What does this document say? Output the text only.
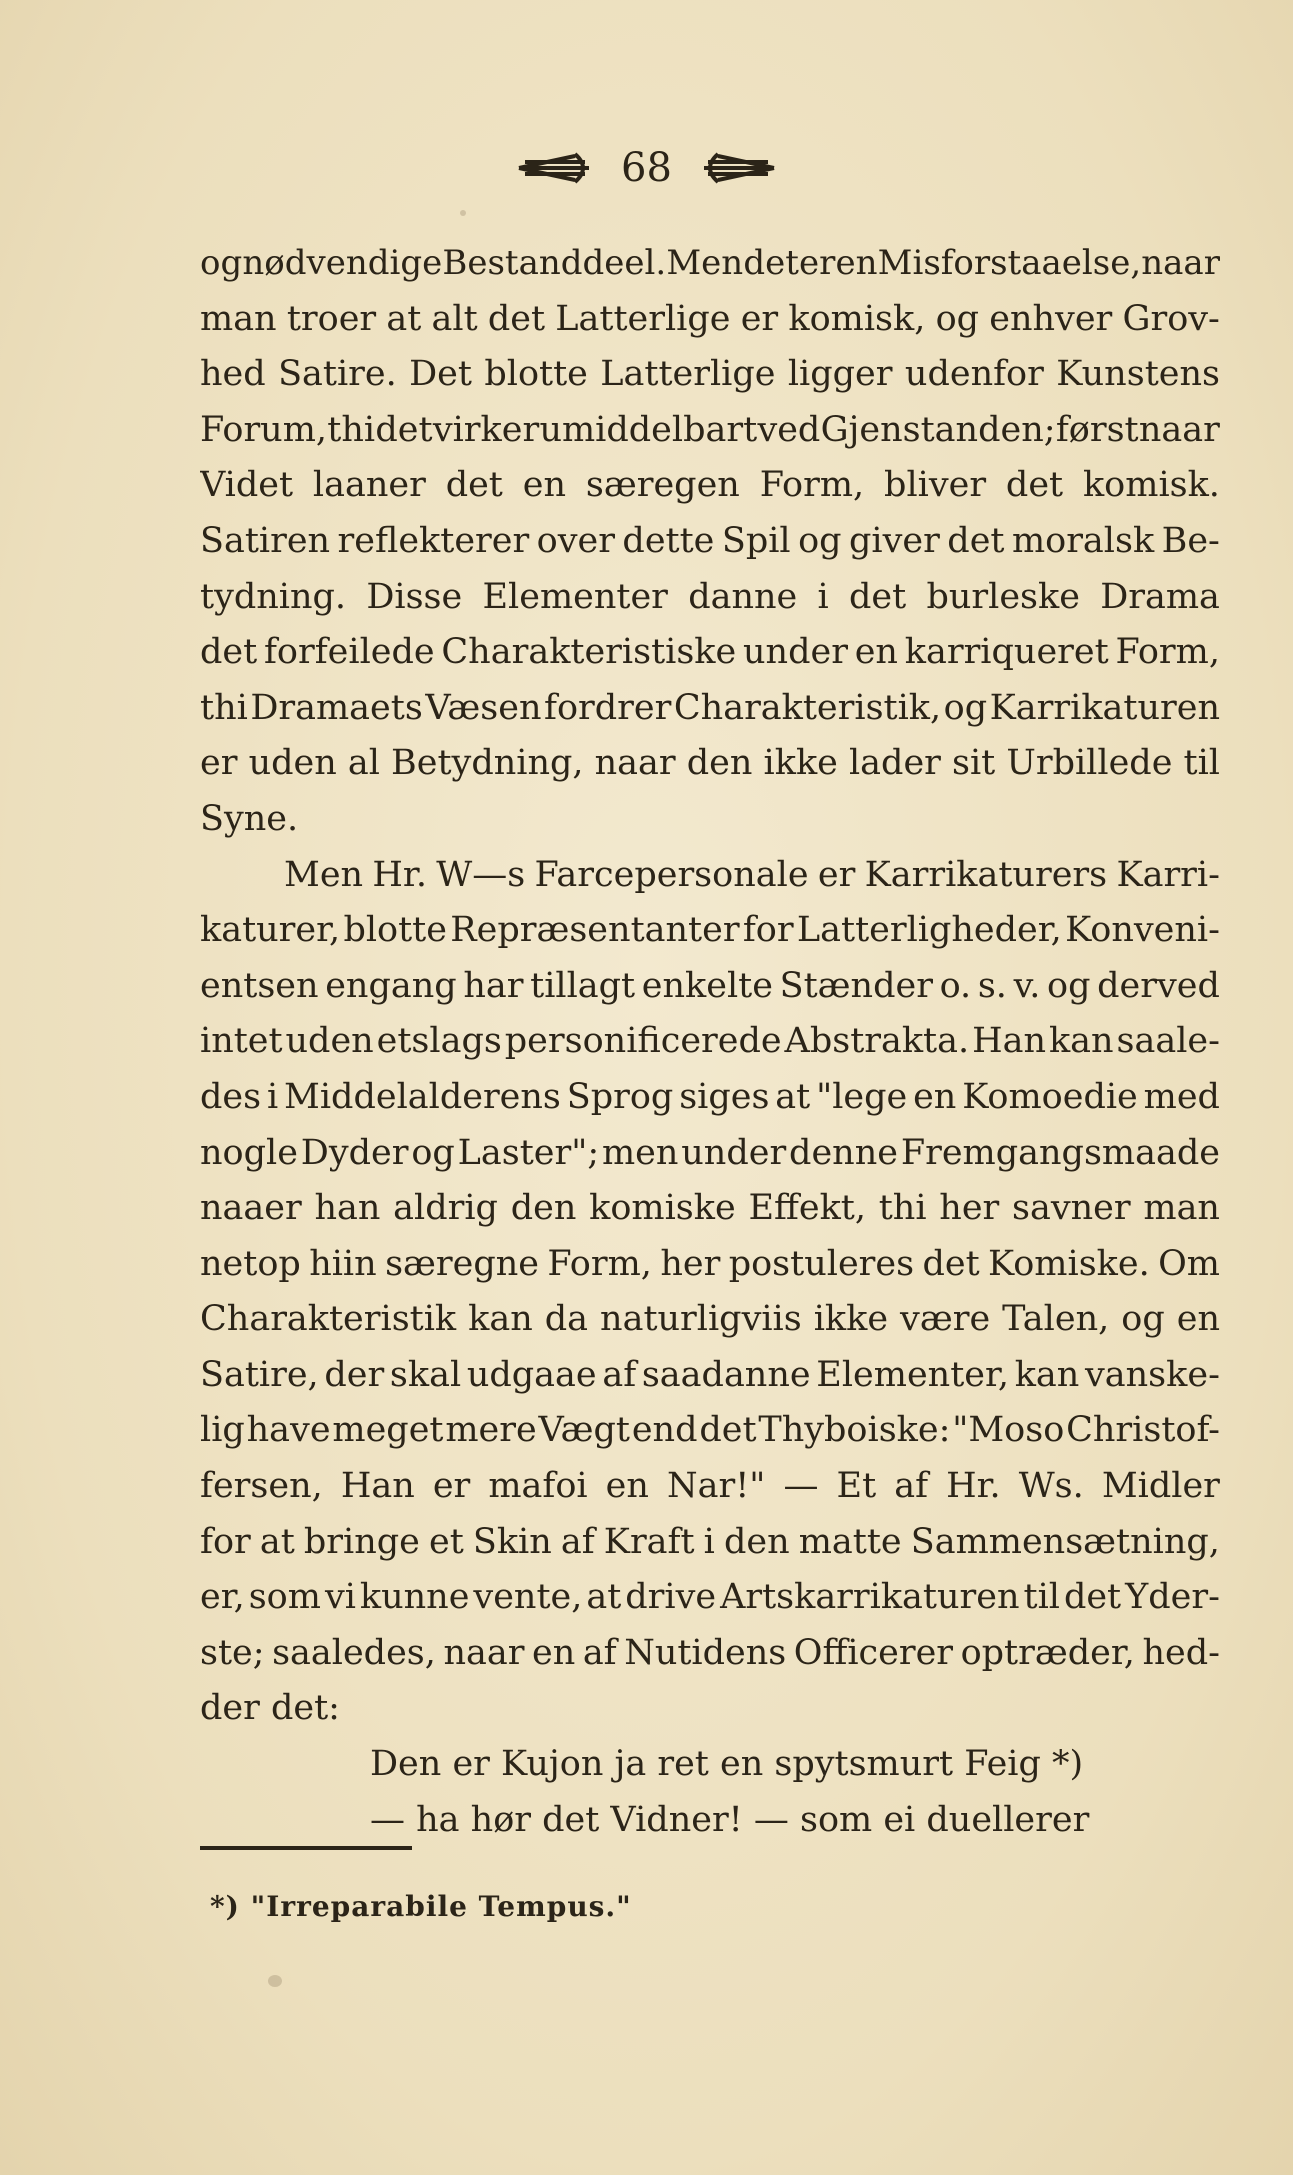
68
og nødvendige Bestanddeel. Men det er en Misforstaaelse, naar
man troer at alt det Latterlige er komisk, og enhver Grov-
hed Satire. Det blotte Latterlige ligger udenfor Kunstens
Forum, thi det virker umiddelbart ved Gjenstanden; først naar
Videt laaner det en særegen Form, bliver det komisk.
Satiren reflekterer over dette Spil og giver det moralsk Be-
tydning. Disse Elementer danne i det burleske Drama
det forfeilede Charakteristiske under en karriqueret Form,
thi Dramaets Væsen fordrer Charakteristik, og Karrikaturen
er uden al Betydning, naar den ikke lader sit Urbillede til
Syne.
Men Hr. W—s Farcepersonale er Karrikaturers Karri-
katurer, blotte Repræsentanter for Latterligheder, Konveni-
entsen engang har tillagt enkelte Stænder o. s. v. og derved
intet uden etslags personificerede Abstrakta. Han kan saale-
des i Middelalderens Sprog siges at "lege en Komoedie med
nogle Dyder og Laster"; men under denne Fremgangsmaade
naaer han aldrig den komiske Effekt, thi her savner man
netop hiin særegne Form, her postuleres det Komiske. Om
Charakteristik kan da naturligviis ikke være Talen, og en
Satire, der skal udgaae af saadanne Elementer, kan vanske-
lig have meget mere Vægt end det Thyboiske: "Moso Christof-
fersen, Han er mafoi en Nar!" — Et af Hr. Ws. Midler
for at bringe et Skin af Kraft i den matte Sammensætning,
er, som vi kunne vente, at drive Artskarrikaturen til det Yder-
ste; saaledes, naar en af Nutidens Officerer optræder, hed-
der det:
Den er Kujon ja ret en spytsmurt Feig *)
— ha hør det Vidner! — som ei duellerer
*) "Irreparabile Tempus."
